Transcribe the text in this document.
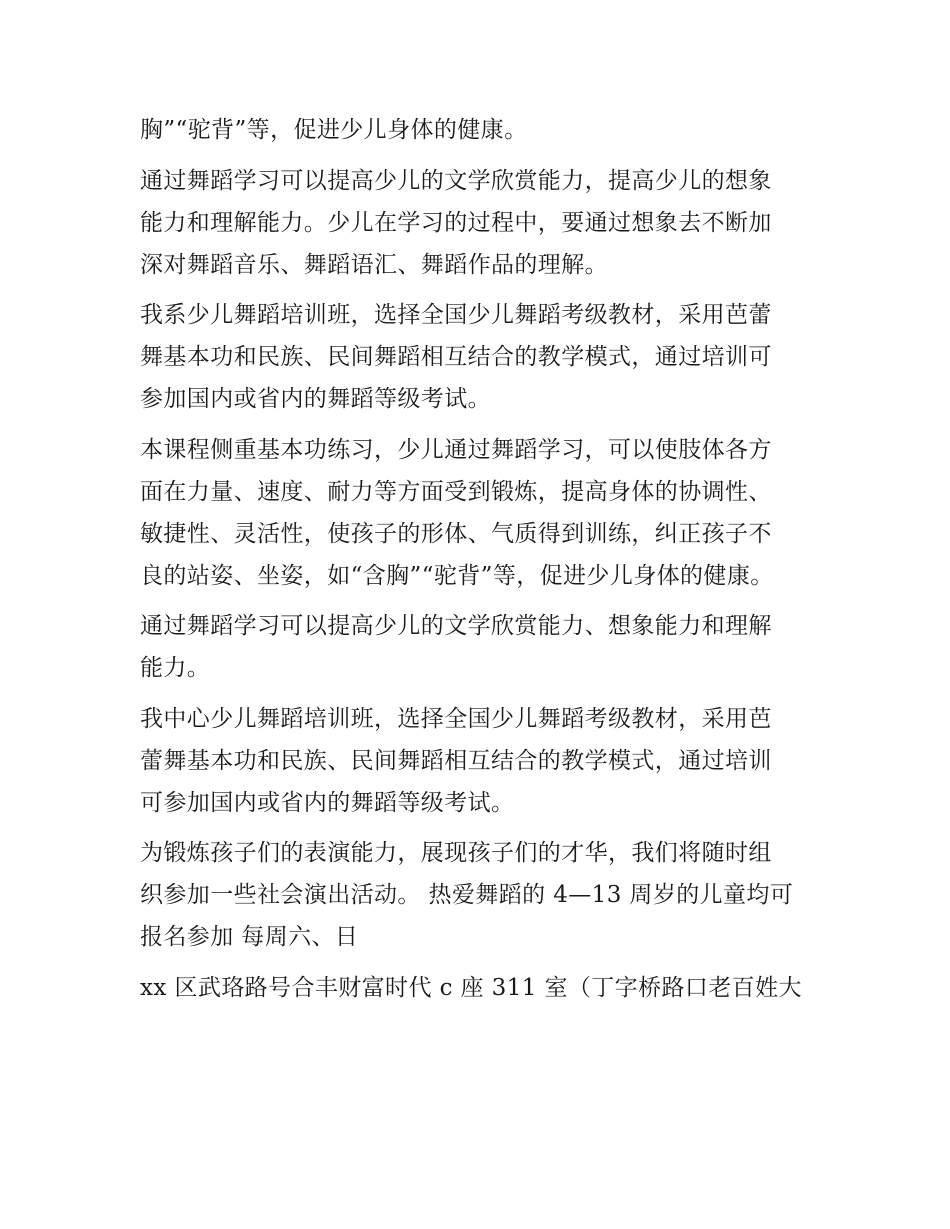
胸”“驼背”等，促进少儿身体的健康。

通过舞蹈学习可以提高少儿的文学欣赏能力，提高少儿的想象
能力和理解能力。少儿在学习的过程中，要通过想象去不断加
深对舞蹈音乐、舞蹈语汇、舞蹈作品的理解。

我系少儿舞蹈培训班，选择全国少儿舞蹈考级教材，采用芭蕾
舞基本功和民族、民间舞蹈相互结合的教学模式，通过培训可
参加国内或省内的舞蹈等级考试。

本课程侧重基本功练习，少儿通过舞蹈学习，可以使肢体各方
面在力量、速度、耐力等方面受到锻炼，提高身体的协调性、
敏捷性、灵活性，使孩子的形体、气质得到训练，纠正孩子不
良的站姿、坐姿，如“含胸”“驼背”等，促进少儿身体的健康。

通过舞蹈学习可以提高少儿的文学欣赏能力、想象能力和理解
能力。

我中心少儿舞蹈培训班，选择全国少儿舞蹈考级教材，采用芭
蕾舞基本功和民族、民间舞蹈相互结合的教学模式，通过培训
可参加国内或省内的舞蹈等级考试。

为锻炼孩子们的表演能力，展现孩子们的才华，我们将随时组
织参加一些社会演出活动。 热爱舞蹈的 4—13 周岁的儿童均可
报名参加 每周六、日

xx 区武珞路号合丰财富时代 c 座 311 室（丁字桥路口老百姓大
